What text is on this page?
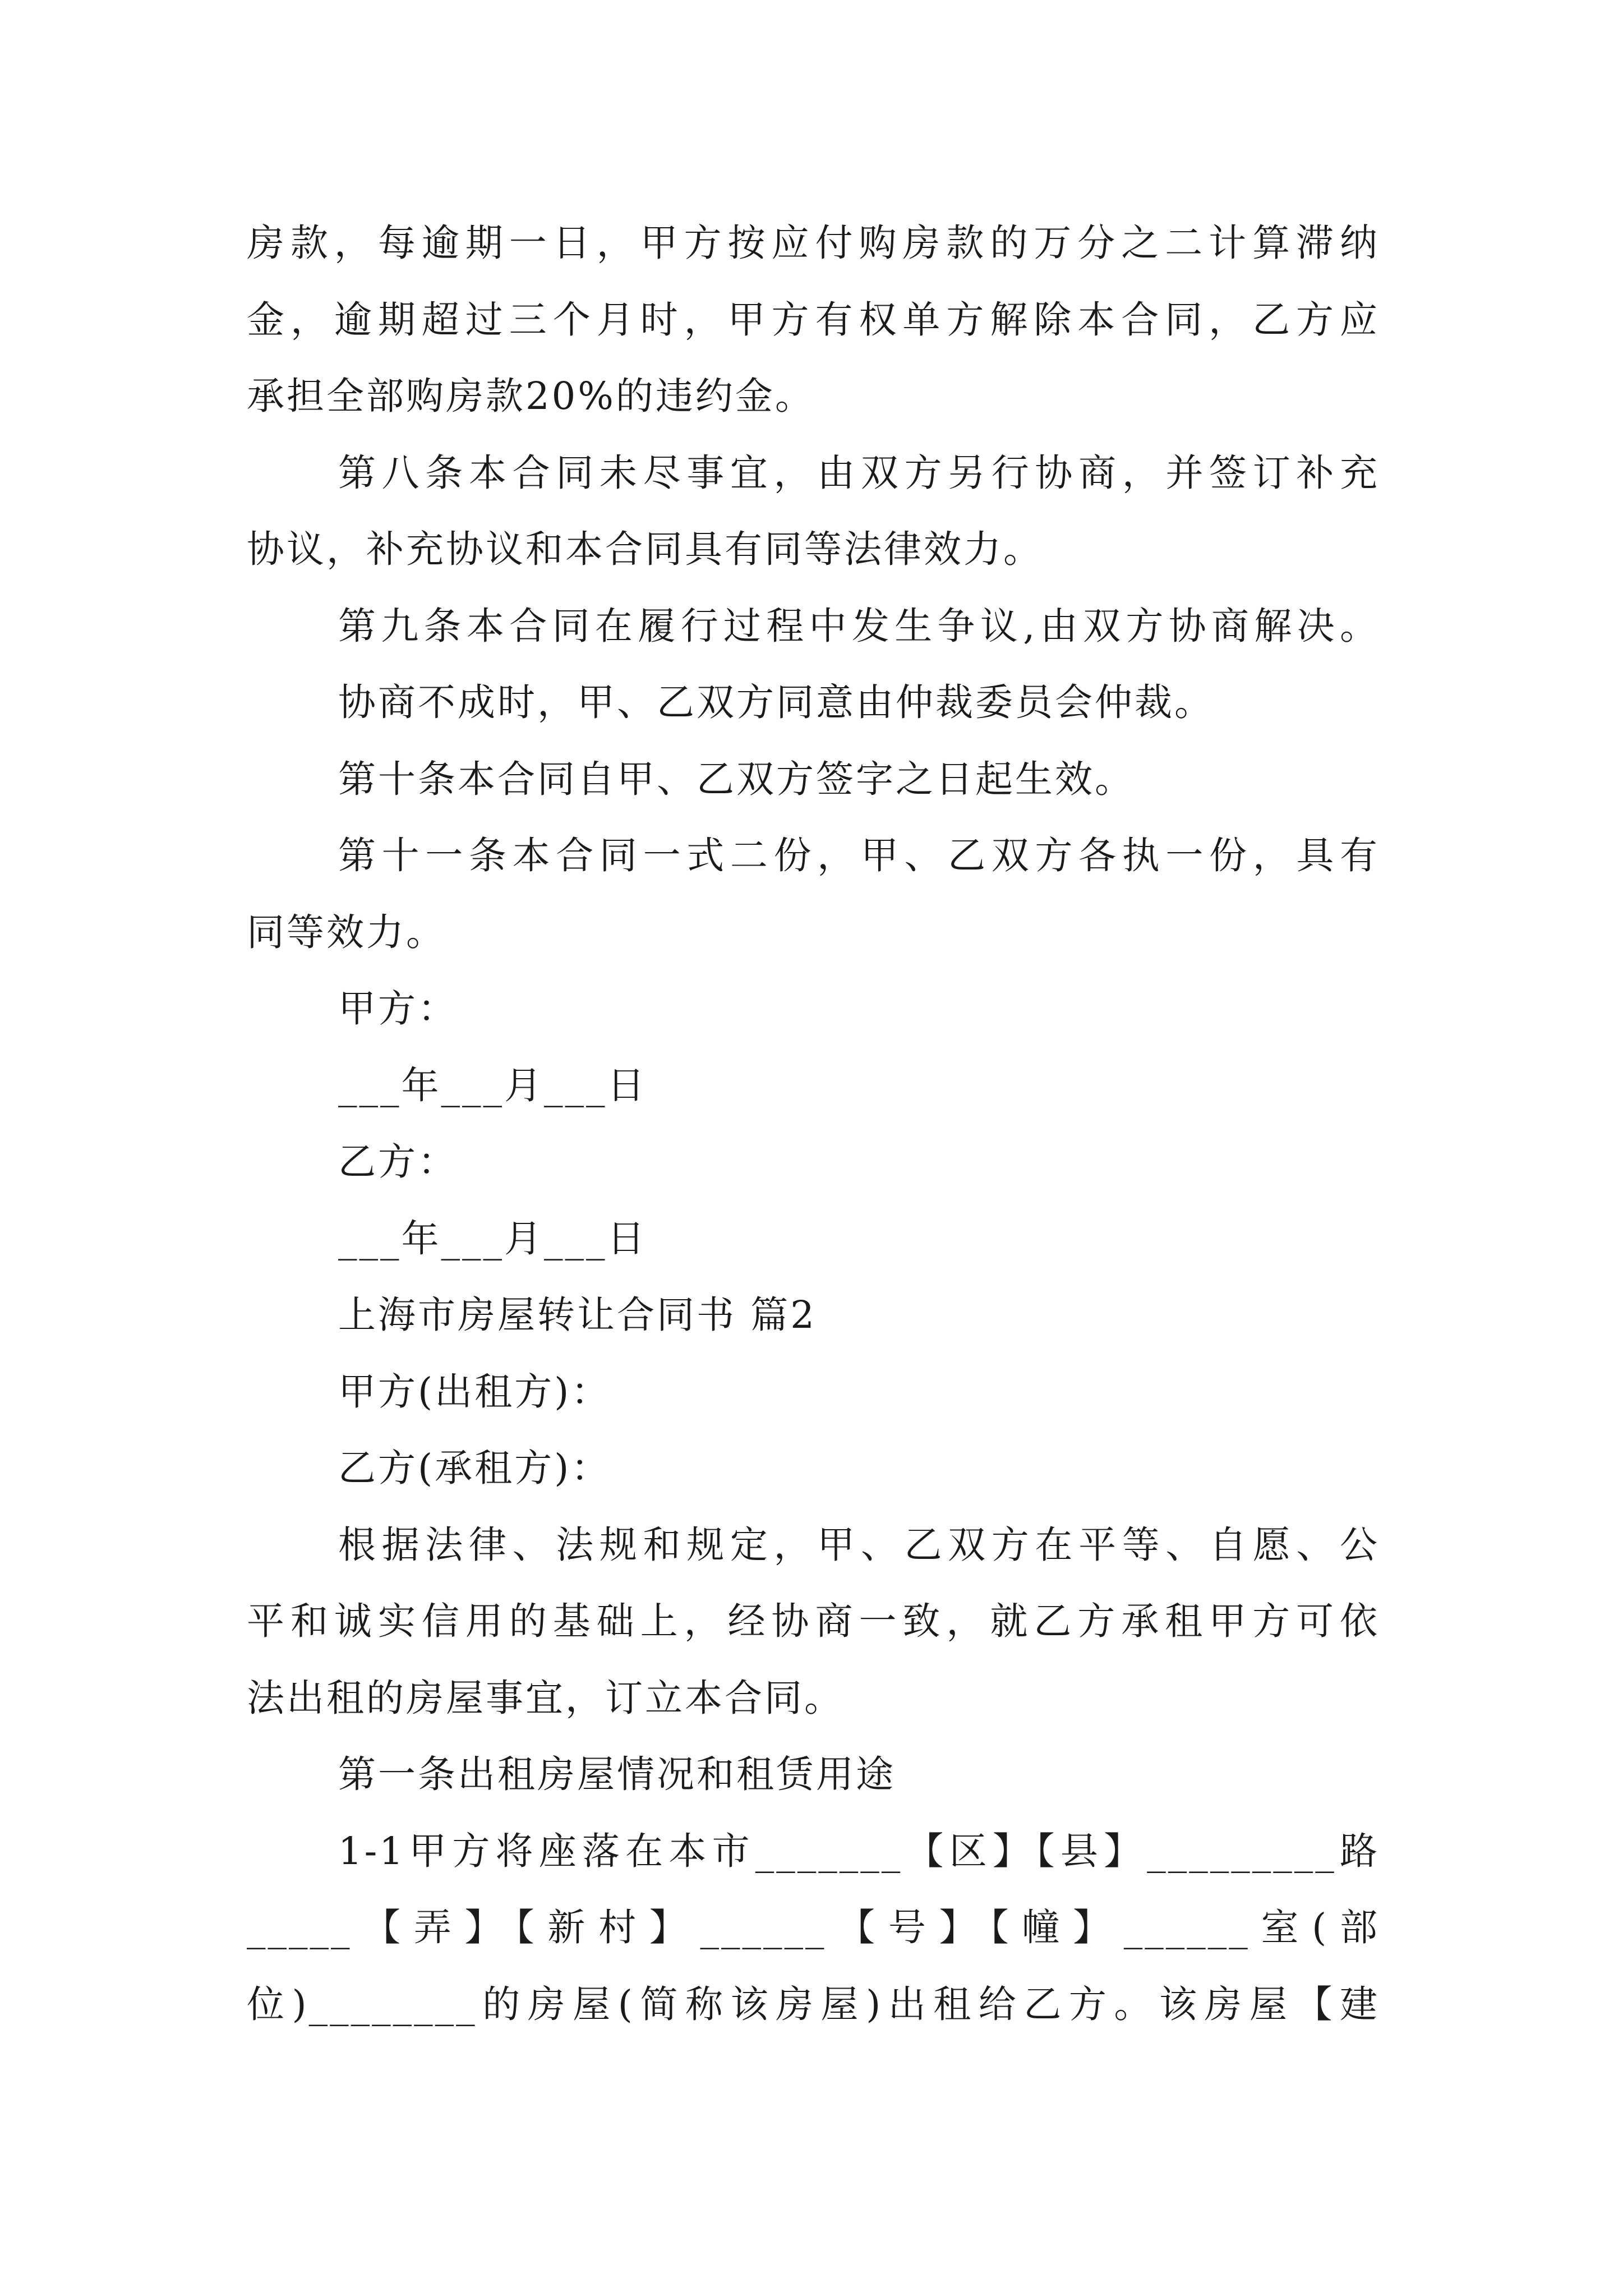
房款，每逾期一日，甲方按应付购房款的万分之二计算滞纳
金，逾期超过三个月时，甲方有权单方解除本合同，乙方应
承担全部购房款20%的违约金。
第八条本合同未尽事宜，由双方另行协商，并签订补充
协议，补充协议和本合同具有同等法律效力。
第九条本合同在履行过程中发生争议,由双方协商解决。
协商不成时，甲、乙双方同意由仲裁委员会仲裁。
第十条本合同自甲、乙双方签字之日起生效。
第十一条本合同一式二份，甲、乙双方各执一份，具有
同等效力。
甲方：
___年___月___日
乙方：
___年___月___日
上海市房屋转让合同书 篇2
甲方(出租方)：
乙方(承租方)：
根据法律、法规和规定，甲、乙双方在平等、自愿、公
平和诚实信用的基础上，经协商一致，就乙方承租甲方可依
法出租的房屋事宜，订立本合同。
第一条出租房屋情况和租赁用途
1-1甲方将座落在本市_______【区】【县】_________路
_____【弄】【新村】______【号】【幢】______室(部
位)________的房屋(简称该房屋)出租给乙方。该房屋【建
